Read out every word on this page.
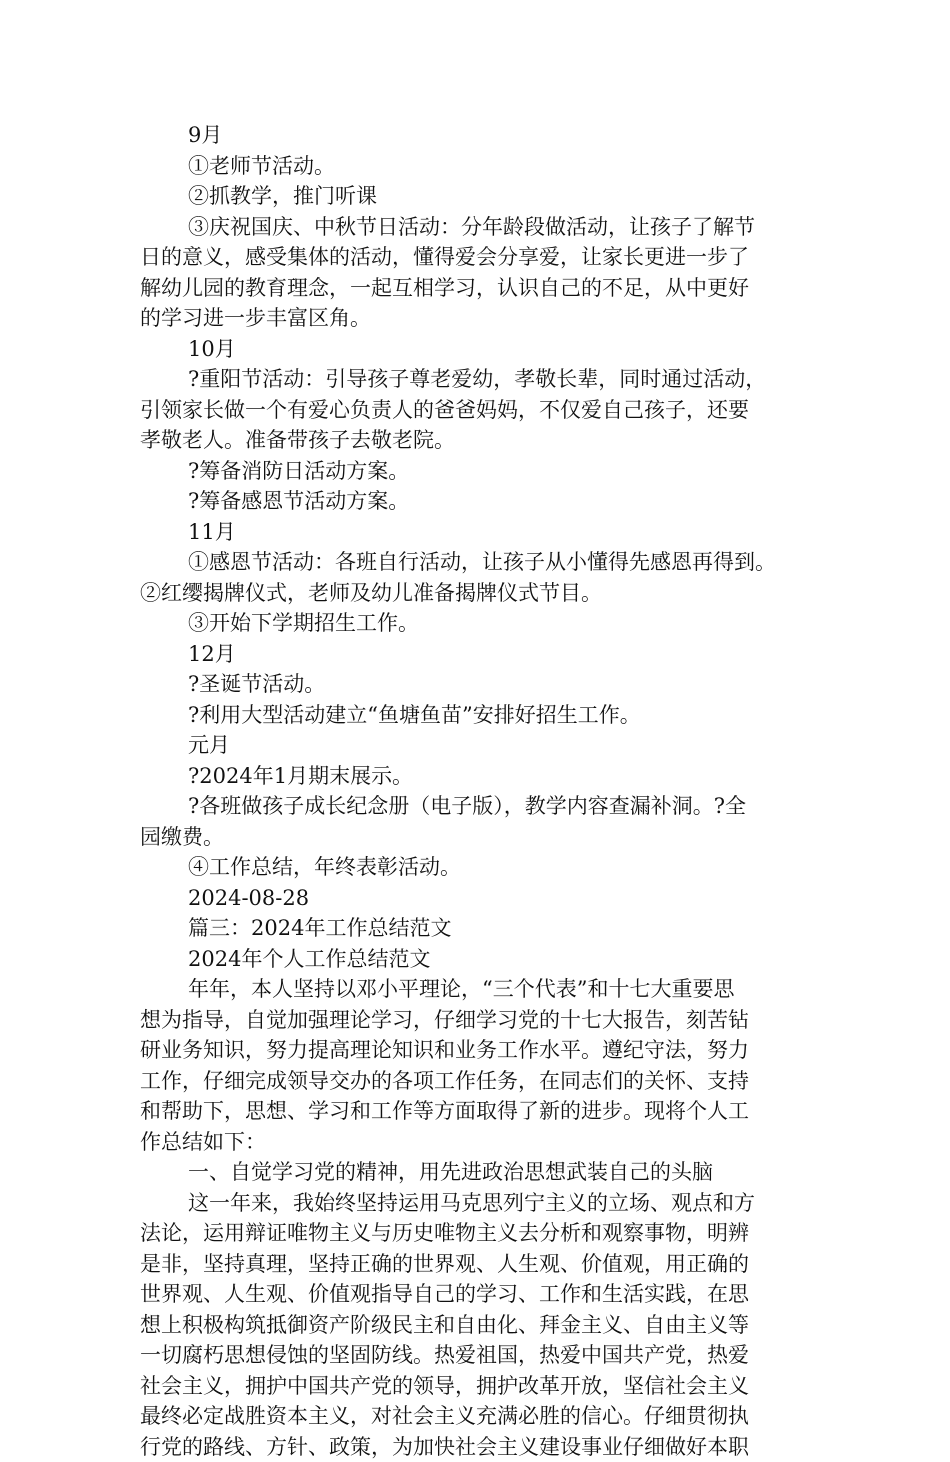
9月

①老师节活动。

②抓教学，推门听课

③庆祝国庆、中秋节日活动：分年龄段做活动，让孩子了解节

日的意义，感受集体的活动，懂得爱会分享爱，让家长更进一步了

解幼儿园的教育理念，一起互相学习，认识自己的不足，从中更好

的学习进一步丰富区角。

10月

?重阳节活动：引导孩子尊老爱幼，孝敬长辈，同时通过活动，

引领家长做一个有爱心负责人的爸爸妈妈，不仅爱自己孩子，还要

孝敬老人。准备带孩子去敬老院。

?筹备消防日活动方案。

?筹备感恩节活动方案。

11月

①感恩节活动：各班自行活动，让孩子从小懂得先感恩再得到。

②红缨揭牌仪式，老师及幼儿准备揭牌仪式节目。

③开始下学期招生工作。

12月

?圣诞节活动。

?利用大型活动建立“鱼塘鱼苗”安排好招生工作。

元月

?2024年1月期末展示。

?各班做孩子成长纪念册（电子版），教学内容查漏补洞。?全

园缴费。

④工作总结，年终表彰活动。

2024-08-28

篇三：2024年工作总结范文

2024年个人工作总结范文

年年，本人坚持以邓小平理论，“三个代表”和十七大重要思

想为指导，自觉加强理论学习，仔细学习党的十七大报告，刻苦钻

研业务知识，努力提高理论知识和业务工作水平。遵纪守法，努力

工作，仔细完成领导交办的各项工作任务，在同志们的关怀、支持

和帮助下，思想、学习和工作等方面取得了新的进步。现将个人工

作总结如下：

一、自觉学习党的精神，用先进政治思想武装自己的头脑

这一年来，我始终坚持运用马克思列宁主义的立场、观点和方

法论，运用辩证唯物主义与历史唯物主义去分析和观察事物，明辨

是非，坚持真理，坚持正确的世界观、人生观、价值观，用正确的

世界观、人生观、价值观指导自己的学习、工作和生活实践，在思

想上积极构筑抵御资产阶级民主和自由化、拜金主义、自由主义等

一切腐朽思想侵蚀的坚固防线。热爱祖国，热爱中国共产党，热爱

社会主义，拥护中国共产党的领导，拥护改革开放，坚信社会主义

最终必定战胜资本主义，对社会主义充满必胜的信心。仔细贯彻执

行党的路线、方针、政策，为加快社会主义建设事业仔细做好本职
